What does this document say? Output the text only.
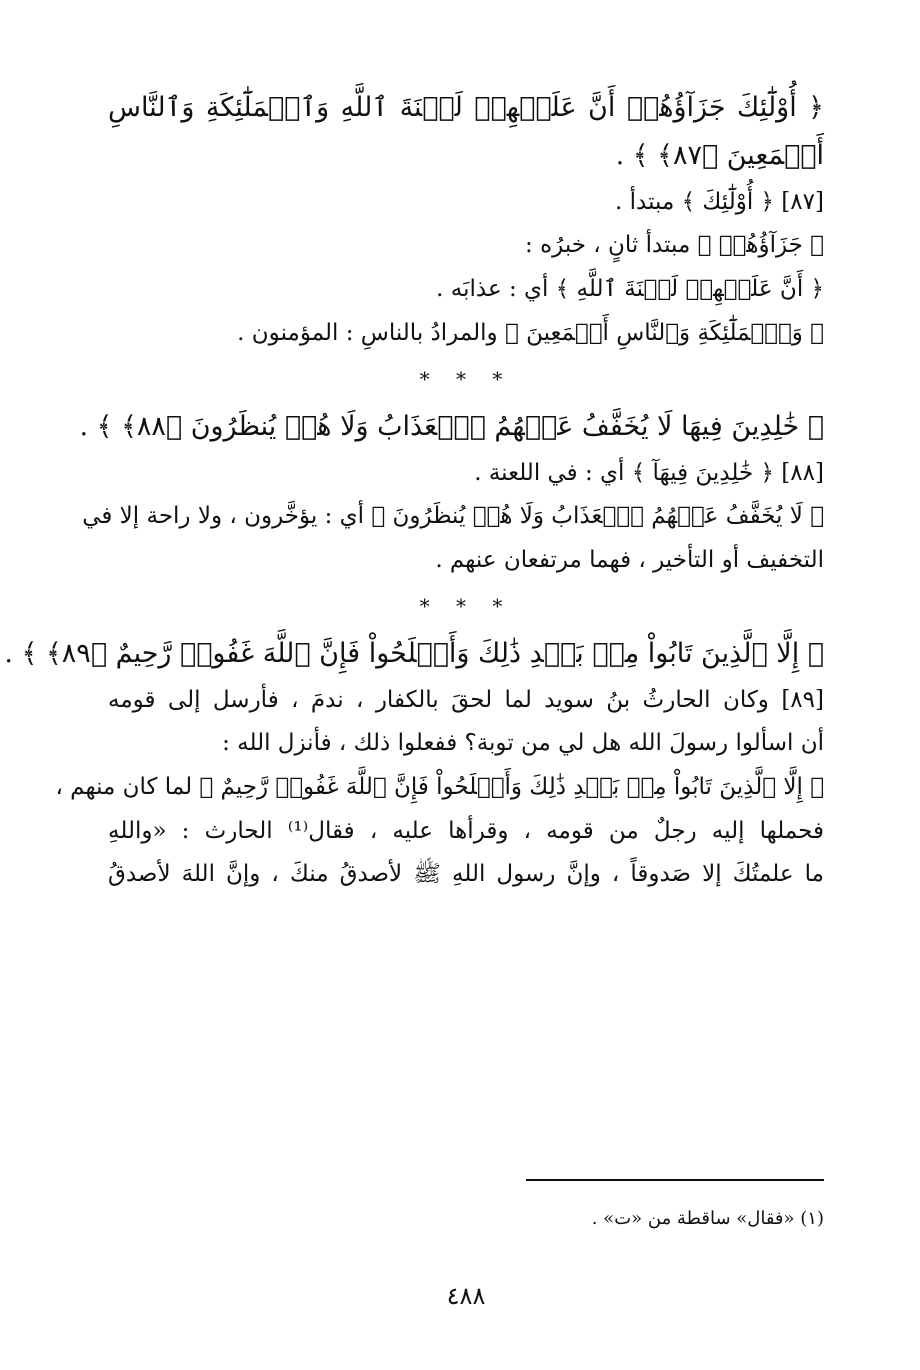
﴿ أُوْلَٰٓئِكَ جَزَآؤُهُمۡ أَنَّ عَلَيۡهِمۡ لَعۡنَةَ ٱللَّهِ وَٱلۡمَلَٰٓئِكَةِ وَٱلنَّاسِ
أَجۡمَعِينَ ﴿٨٧﴾ ﴾ .
[٨٧] ﴿ أُوْلَٰٓئِكَ ﴾ مبتدأ .
﴿ جَزَآؤُهُمۡ ﴾ مبتدأ ثانٍ ، خبرُه :
﴿ أَنَّ عَلَيۡهِمۡ لَعۡنَةَ ٱللَّهِ ﴾ أي : عذابَه .
﴿ وَٱلۡمَلَٰٓئِكَةِ وَٱلنَّاسِ أَجۡمَعِينَ ﴾ والمرادُ بالناسِ : المؤمنون .
* * *
﴿ خَٰلِدِينَ فِيهَا لَا يُخَفَّفُ عَنۡهُمُ ٱلۡعَذَابُ وَلَا هُمۡ يُنظَرُونَ ﴿٨٨﴾ ﴾ .
[٨٨] ﴿ خَٰلِدِينَ فِيهَآ ﴾ أي : في اللعنة .
﴿ لَا يُخَفَّفُ عَنۡهُمُ ٱلۡعَذَابُ وَلَا هُمۡ يُنظَرُونَ ﴾ أي : يؤخَّرون ، ولا راحة إلا في
التخفيف أو التأخير ، فهما مرتفعان عنهم .
* * *
﴿ إِلَّا ٱلَّذِينَ تَابُواْ مِنۢ بَعۡدِ ذَٰلِكَ وَأَصۡلَحُواْ فَإِنَّ ٱللَّهَ غَفُورٞ رَّحِيمٌ ﴿٨٩﴾ ﴾ .
[٨٩] وكان الحارثُ بنُ سويد لما لحقَ بالكفار ، ندمَ ، فأرسل إلى قومه
أن اسألوا رسولَ الله هل لي من توبة؟ ففعلوا ذلك ، فأنزل الله :
﴿ إِلَّا ٱلَّذِينَ تَابُواْ مِنۢ بَعۡدِ ذَٰلِكَ وَأَصۡلَحُواْ فَإِنَّ ٱللَّهَ غَفُورٞ رَّحِيمٌ ﴾ لما كان منهم ،
فحملها إليه رجلٌ من قومه ، وقرأها عليه ، فقال⁽¹⁾ الحارث : «واللهِ
ما علمتُكَ إلا صَدوقاً ، وإنَّ رسول اللهِ ﷺ لأصدقُ منكَ ، وإنَّ اللهَ لأصدقُ
(١) «فقال» ساقطة من «ت» .
٤٨٨
